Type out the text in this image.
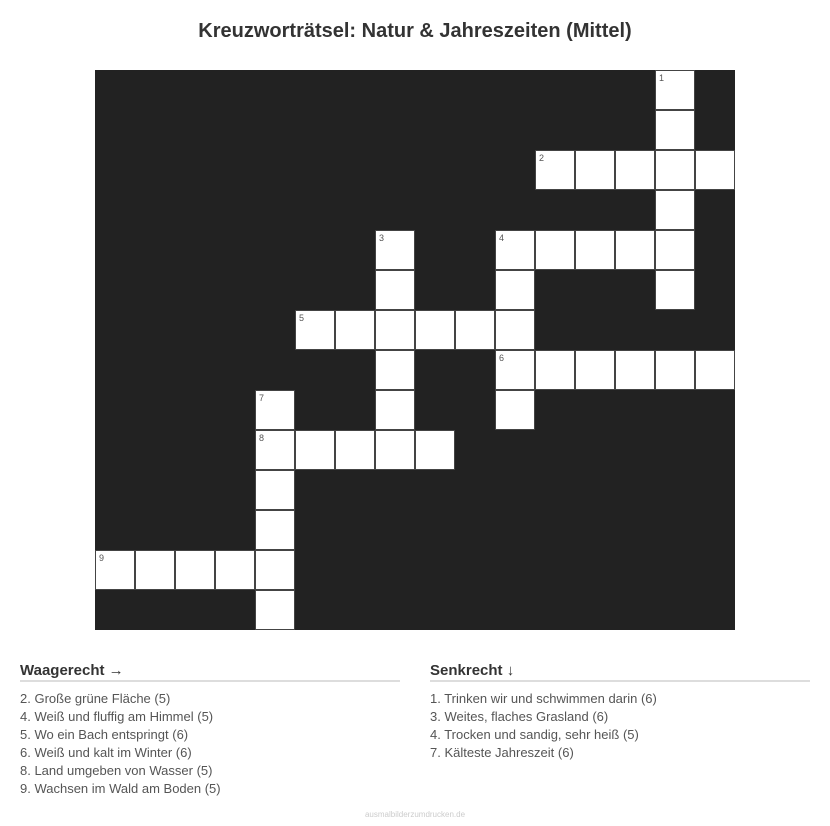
Kreuzworträtsel: Natur & Jahreszeiten (Mittel)
1
2
3	4
6
5
7
8
9
Waagerecht →
2. Große grüne Fläche (5)
4. Weiß und fluffig am Himmel (5)
5. Wo ein Bach entspringt (6)
6. Weiß und kalt im Winter (6)
8. Land umgeben von Wasser (5)
9. Wachsen im Wald am Boden (5)
Senkrecht ↓
1. Trinken wir und schwimmen darin (6)
3. Weites, flaches Grasland (6)
4. Trocken und sandig, sehr heiß (5)
7. Kälteste Jahreszeit (6)
ausmalbilderzumdrucken.de
